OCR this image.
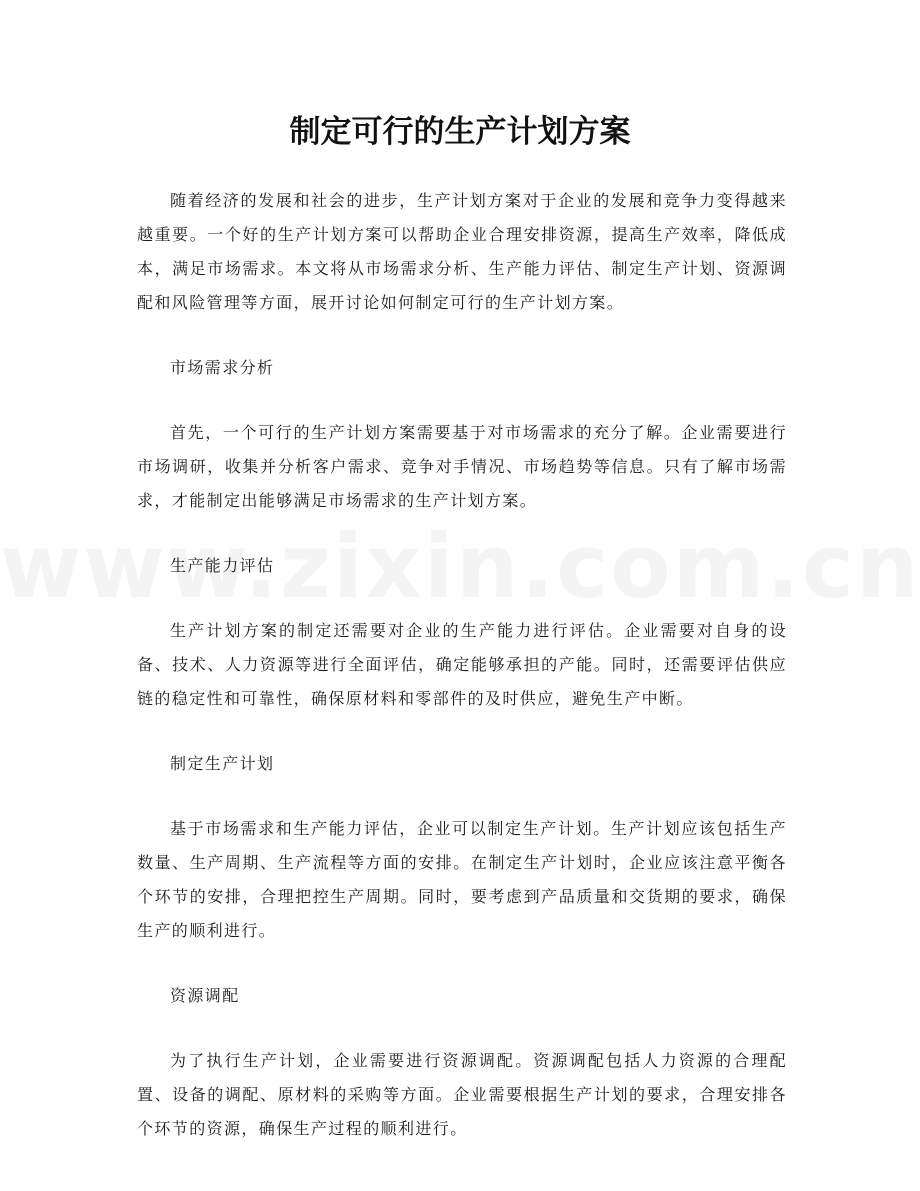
制定可行的生产计划方案

随着经济的发展和社会的进步，生产计划方案对于企业的发展和竞争力变得越来越重要。一个好的生产计划方案可以帮助企业合理安排资源，提高生产效率，降低成本，满足市场需求。本文将从市场需求分析、生产能力评估、制定生产计划、资源调配和风险管理等方面，展开讨论如何制定可行的生产计划方案。

市场需求分析

首先，一个可行的生产计划方案需要基于对市场需求的充分了解。企业需要进行市场调研，收集并分析客户需求、竞争对手情况、市场趋势等信息。只有了解市场需求，才能制定出能够满足市场需求的生产计划方案。

生产能力评估

生产计划方案的制定还需要对企业的生产能力进行评估。企业需要对自身的设备、技术、人力资源等进行全面评估，确定能够承担的产能。同时，还需要评估供应链的稳定性和可靠性，确保原材料和零部件的及时供应，避免生产中断。

制定生产计划

基于市场需求和生产能力评估，企业可以制定生产计划。生产计划应该包括生产数量、生产周期、生产流程等方面的安排。在制定生产计划时，企业应该注意平衡各个环节的安排，合理把控生产周期。同时，要考虑到产品质量和交货期的要求，确保生产的顺利进行。

资源调配

为了执行生产计划，企业需要进行资源调配。资源调配包括人力资源的合理配置、设备的调配、原材料的采购等方面。企业需要根据生产计划的要求，合理安排各个环节的资源，确保生产过程的顺利进行。
